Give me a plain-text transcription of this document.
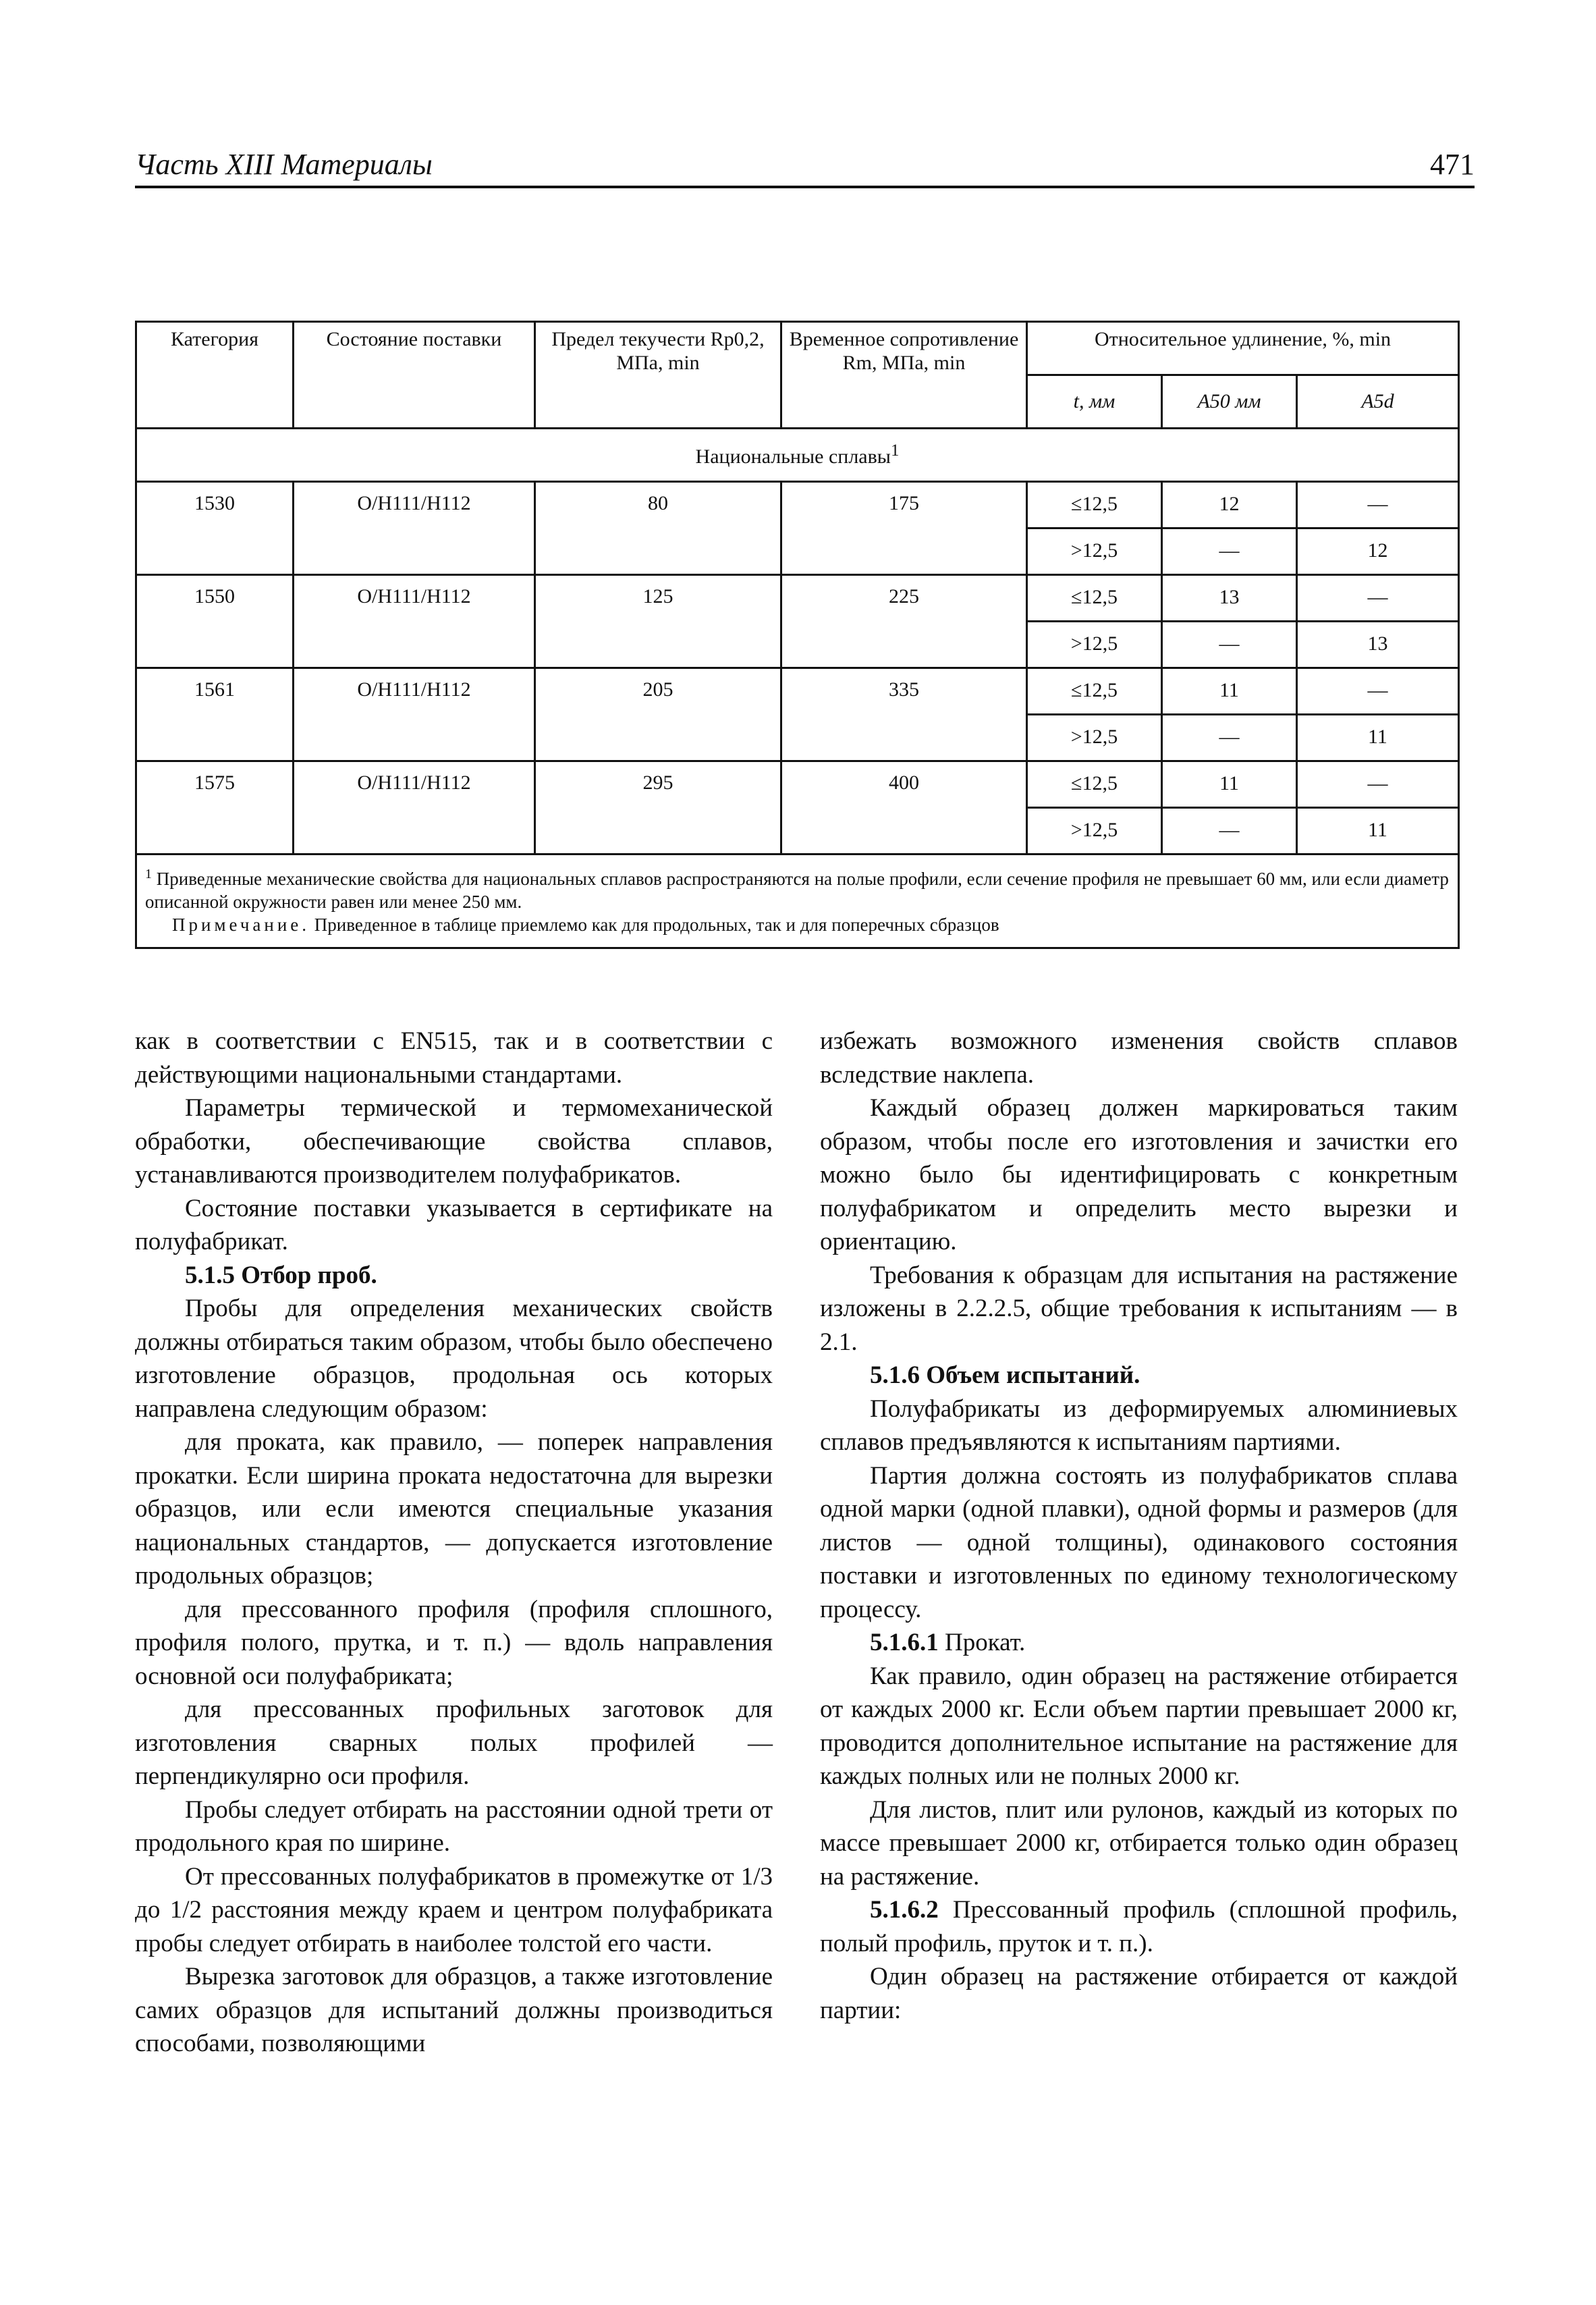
Часть XIII Материалы	471
Категория	Состояние поставки	Предел текучести Rp0,2, МПа, min	Временное сопротивление Rm, МПа, min	Относительное удлинение, %, min		
				t, мм	A50 мм	A5d
Национальные сплавы$^1$
1530	О/Н111/Н112	80	175	≤12,5	12	—
				>12,5	—	12
1550	О/Н111/Н112	125	225	≤12,5	13	—
				>12,5	—	13
1561	О/Н111/Н112	205	335	≤12,5	11	—
				>12,5	—	11
1575	О/Н111/Н112	295	400	≤12,5	11	—
				>12,5	—	11

$^1$ Приведенные механические свойства для национальных сплавов распространяются на полые профили, если сечение профиля не превышает 60 мм, или если диаметр описанной окружности равен или менее 250 мм.
Примечание. Приведенное в таблице приемлемо как для продольных, так и для поперечных сбразцов						

как в соответствии с EN515, так и в соответствии с действующими национальными стандартами.

Параметры термической и термомеханической обработки, обеспечивающие свойства сплавов, устанавливаются производителем полуфабрикатов.

Состояние поставки указывается в сертификате на полуфабрикат.

5.1.5 Отбор проб.

Пробы для определения механических свойств должны отбираться таким образом, чтобы было обеспечено изготовление образцов, продольная ось которых направлена следующим образом:

для проката, как правило, — поперек направления прокатки. Если ширина проката недостаточна для вырезки образцов, или если имеются специальные указания национальных стандартов, — допускается изготовление продольных образцов;

для прессованного профиля (профиля сплошного, профиля полого, прутка, и т. п.) — вдоль направления основной оси полуфабриката;

для прессованных профильных заготовок для изготовления сварных полых профилей — перпендикулярно оси профиля.

Пробы следует отбирать на расстоянии одной трети от продольного края по ширине.

От прессованных полуфабрикатов в промежутке от 1/3 до 1/2 расстояния между краем и центром полуфабриката пробы следует отбирать в наиболее толстой его части.

Вырезка заготовок для образцов, а также изготовление самих образцов для испытаний должны производиться способами, позволяющими

избежать возможного изменения свойств сплавов вследствие наклепа.

Каждый образец должен маркироваться таким образом, чтобы после его изготовления и зачистки его можно было бы идентифицировать с конкретным полуфабрикатом и определить место вырезки и ориентацию.

Требования к образцам для испытания на растяжение изложены в 2.2.2.5, общие требования к испытаниям — в 2.1.

5.1.6 Объем испытаний.

Полуфабрикаты из деформируемых алюминиевых сплавов предъявляются к испытаниям партиями.

Партия должна состоять из полуфабрикатов сплава одной марки (одной плавки), одной формы и размеров (для листов — одной толщины), одинакового состояния поставки и изготовленных по единому технологическому процессу.

5.1.6.1 Прокат.

Как правило, один образец на растяжение отбирается от каждых 2000 кг. Если объем партии превышает 2000 кг, проводится дополнительное испытание на растяжение для каждых полных или не полных 2000 кг.

Для листов, плит или рулонов, каждый из которых по массе превышает 2000 кг, отбирается только один образец на растяжение.

5.1.6.2 Прессованный профиль (сплошной профиль, полый профиль, пруток и т. п.).

Один образец на растяжение отбирается от каждой партии:
